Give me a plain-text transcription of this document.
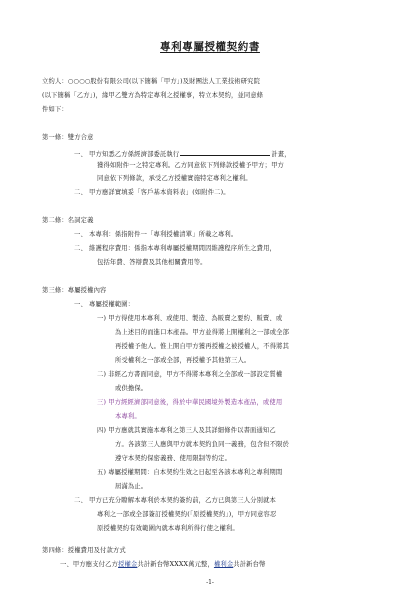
專利專屬授權契約書
立約人：○○○○股份有限公司(以下簡稱「甲方」)及財團法人工業技術研究院
(以下簡稱「乙方」)，緣甲乙雙方為特定專利之授權事，特立本契約，並同意條
件如下：
第一條：雙方合意
一、 甲方知悉乙方係經濟部委託執行	計畫，
獲得如附件一之特定專利。乙方同意依下列條款授權予甲方；甲方
同意依下列條款，承受乙方授權實施特定專利之權利。
二、 甲方應詳實填妥「客戶基本資料表」(如附件二)。
第二條：名詞定義
一、 本專利：係指附件一「專利授權清單」所載之專利。
二、 維護程序費用：係指本專利專屬授權期間因維護程序所生之費用，
包括年費、答辯費及其他相關費用等。
第三條：專屬授權內容
一、 專屬授權範圍：
一) 甲方得使用本專利、或使用、製造、為販賣之要約、販賣、或
為上述目的而進口本產品。甲方並得將上開權利之一部或全部
再授權予他人。惟上開自甲方獲再授權之被授權人，不得將其
所受權利之一部或全部，再授權予其他第三人。
二) 非經乙方書面同意，甲方不得將本專利之全部或一部設定質權
或供擔保。
三) 甲方經經濟部同意後，得於中華民國境外製造本產品，或使用
本專利。
四) 甲方應就其實施本專利之第三人及其詳細條件以書面通知乙
方。各該第三人應與甲方就本契約負同一義務，包含但不限於
遵守本契約保密義務、使用限制等約定。
五) 專屬授權期間：自本契約生效之日起至各該本專利之專利期間
屆滿為止。
二、 甲方已充分瞭解本專利於本契約簽約前，乙方已與第三人分別就本
專利之一部或全部簽訂授權契約(「原授權契約」)，甲方同意容忍
原授權契約有效範圍內就本專利所得行使之權利。
第四條：授權費用及付款方式
一、甲方應支付乙方授權金共計新台幣XXXX萬元整，權利金共計新台幣
-1-
